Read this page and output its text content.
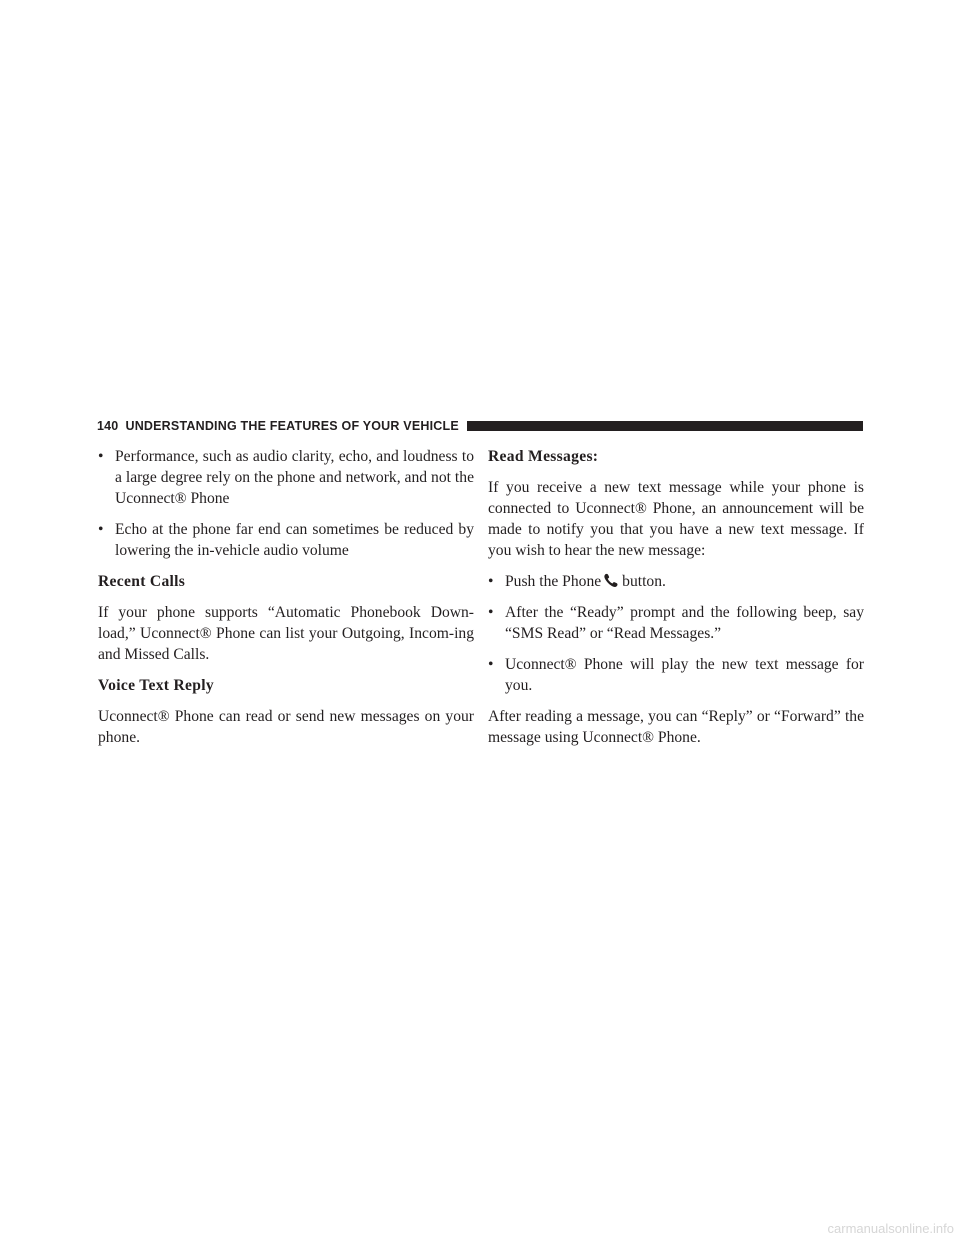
140 UNDERSTANDING THE FEATURES OF YOUR VEHICLE
• Performance, such as audio clarity, echo, and loudness to a large degree rely on the phone and network, and not the Uconnect® Phone
• Echo at the phone far end can sometimes be reduced by lowering the in-vehicle audio volume
Recent Calls

If your phone supports “Automatic Phonebook Down-load,” Uconnect® Phone can list your Outgoing, Incom-ing and Missed Calls.

Voice Text Reply

Uconnect® Phone can read or send new messages on your phone.

Read Messages:

If you receive a new text message while your phone is connected to Uconnect® Phone, an announcement will be made to notify you that you have a new text message. If you wish to hear the new message:

• Push the Phone button.
• After the “Ready” prompt and the following beep, say “SMS Read” or “Read Messages.”
• Uconnect® Phone will play the new text message for you.

After reading a message, you can “Reply” or “Forward” the message using Uconnect® Phone.

carmanualsonline.info
